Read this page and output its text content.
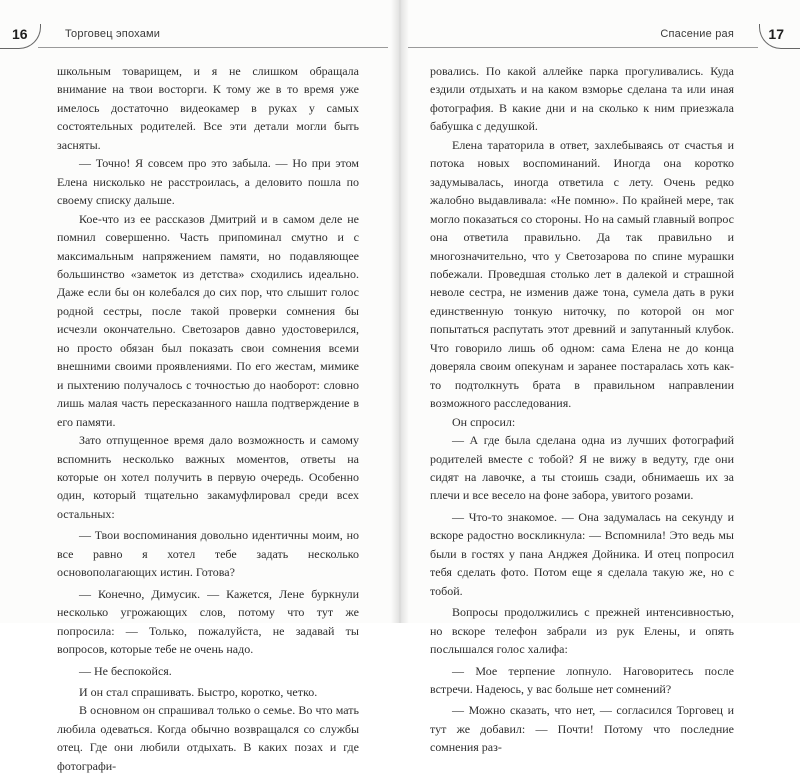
16	Торговец эпохами

школьным товарищем, и я не слишком обращала внимание на твои восторги. К тому же в то время уже имелось достаточно видеокамер в руках у самых состоятельных родителей. Все эти детали могли быть засняты.

— Точно! Я совсем про это забыла. — Но при этом Елена нисколько не расстроилась, а деловито пошла по своему списку дальше.

Кое-что из ее рассказов Дмитрий и в самом деле не помнил совершенно. Часть припоминал смутно и с максимальным напряжением памяти, но подавляющее большинство «заметок из детства» сходились идеально. Даже если бы он колебался до сих пор, что слышит голос родной сестры, после такой проверки сомнения бы исчезли окончательно. Светозаров давно удостоверился, но просто обязан был показать свои сомнения всеми внешними своими проявлениями. По его жестам, мимике и пыхтению получалось с точностью до наоборот: словно лишь малая часть пересказанного нашла подтверждение в его памяти.

Зато отпущенное время дало возможность и самому вспомнить несколько важных моментов, ответы на которые он хотел получить в первую очередь. Особенно один, который тщательно закамуфлировал среди всех остальных:

— Твои воспоминания довольно идентичны моим, но все равно я хотел тебе задать несколько основополагающих истин. Готова?

— Конечно, Димусик. — Кажется, Лене буркнули несколько угрожающих слов, потому что тут же попросила: — Только, пожалуйста, не задавай ты вопросов, которые тебе не очень надо.

— Не беспокойся.

И он стал спрашивать. Быстро, коротко, четко.

В основном он спрашивал только о семье. Во что мать любила одеваться. Когда обычно возвращался со службы отец. Где они любили отдыхать. В каких позах и где фотографи-

Спасение рая 17

ровались. По какой аллейке парка прогуливались. Куда ездили отдыхать и на каком взморье сделана та или иная фотография. В какие дни и на сколько к ним приезжала бабушка с дедушкой.

Елена тараторила в ответ, захлебываясь от счастья и потока новых воспоминаний. Иногда она коротко задумывалась, иногда ответила с лету. Очень редко жалобно выдавливала: «Не помню». По крайней мере, так могло показаться со стороны. Но на самый главный вопрос она ответила правильно. Да так правильно и многозначительно, что у Светозарова по спине мурашки побежали. Проведшая столько лет в далекой и страшной неволе сестра, не изменив даже тона, сумела дать в руки единственную тонкую ниточку, по которой он мог попытаться распутать этот древний и запутанный клубок. Что говорило лишь об одном: сама Елена не до конца доверяла своим опекунам и заранее постаралась хоть как-то подтолкнуть брата в правильном направлении возможного расследования.

Он спросил:

— А где была сделана одна из лучших фотографий родителей вместе с тобой? Я не вижу в ведуту, где они сидят на лавочке, а ты стоишь сзади, обнимаешь их за плечи и все весело на фоне забора, увитого розами.

— Что-то знакомое. — Она задумалась на секунду и вскоре радостно воскликнула: — Вспомнила! Это ведь мы были в гостях у пана Анджея Дойника. И отец попросил тебя сделать фото. Потом еще я сделала такую же, но с тобой.

Вопросы продолжились с прежней интенсивностью, но вскоре телефон забрали из рук Елены, и опять послышался голос халифа:

— Мое терпение лопнуло. Наговоритесь после встречи. Надеюсь, у вас больше нет сомнений?

— Можно сказать, что нет, — согласился Торговец и тут же добавил: — Почти! Потому что последние сомнения раз-
